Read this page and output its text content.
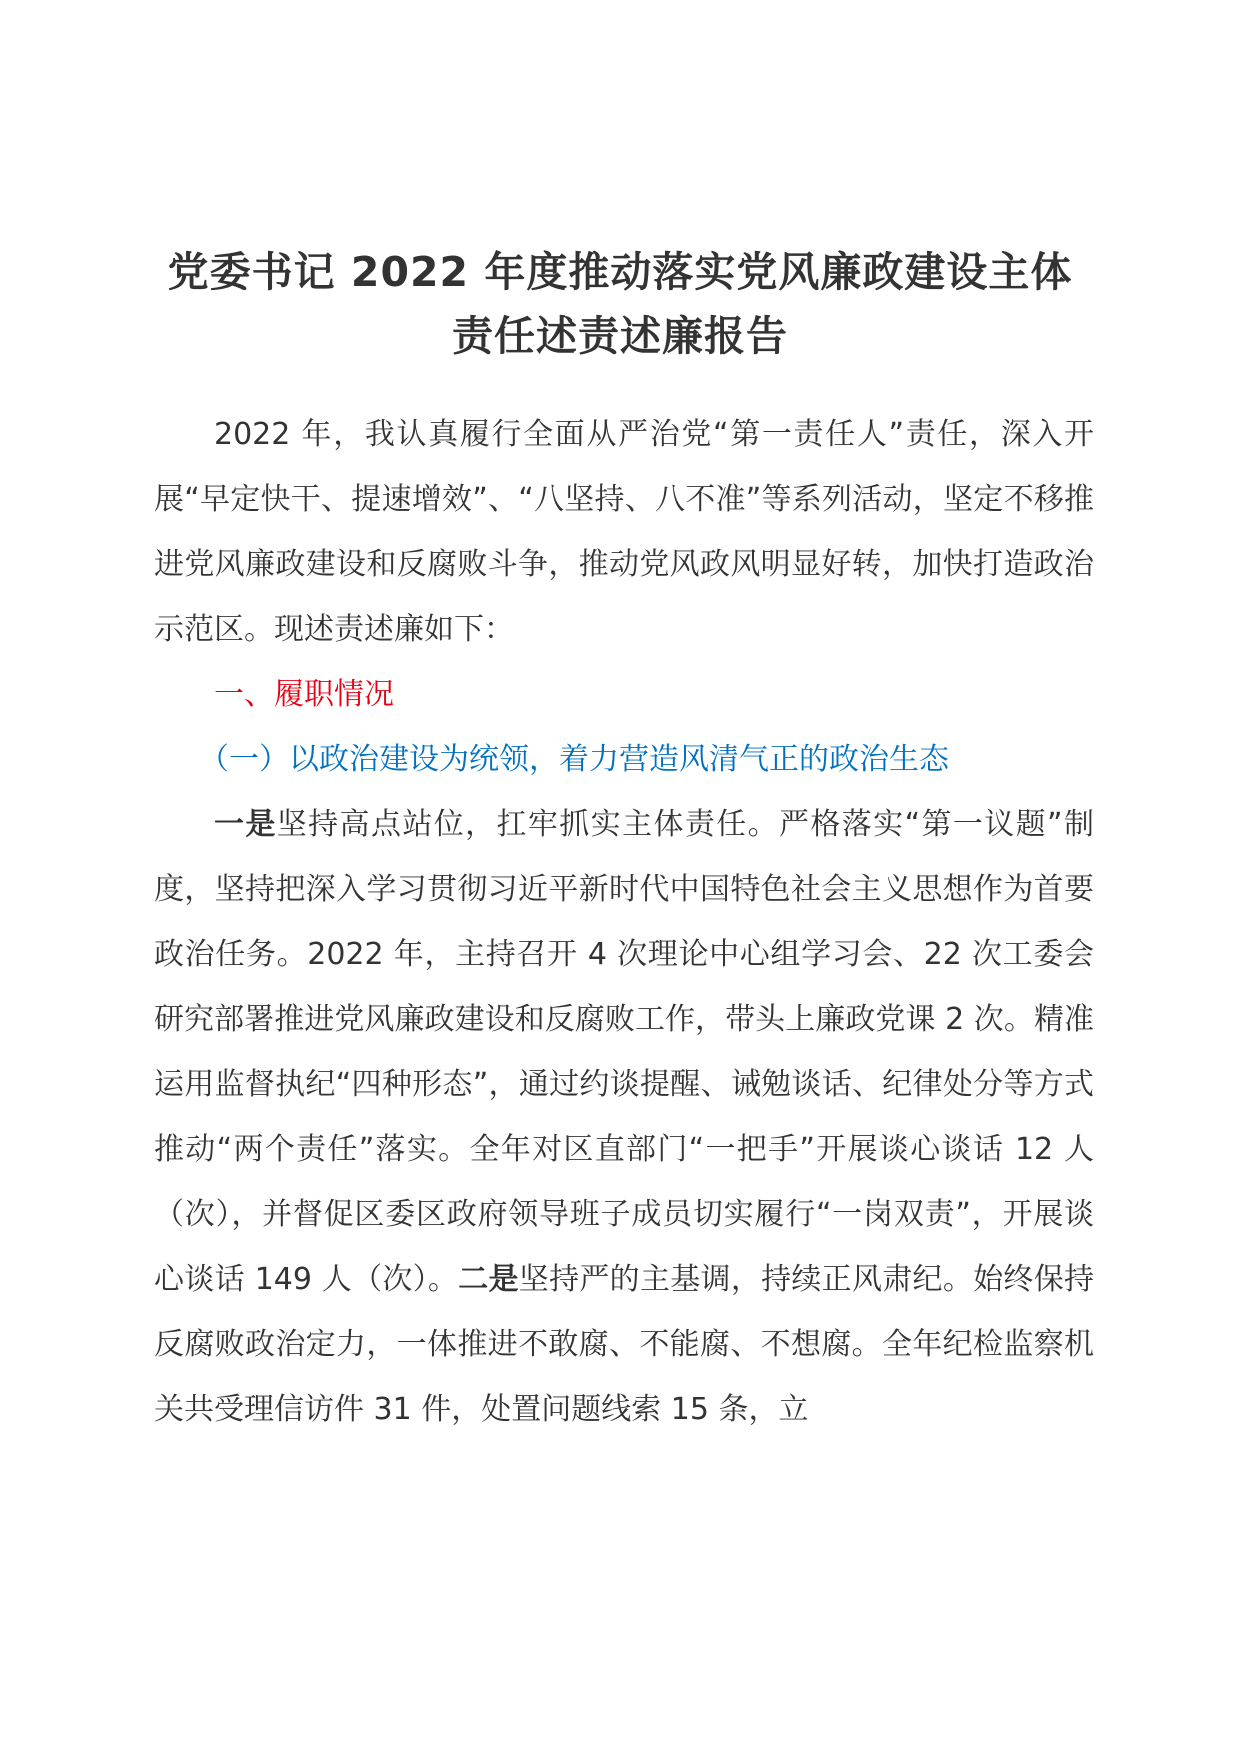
党委书记 2022 年度推动落实党风廉政建设主体责任述责述廉报告

2022 年，我认真履行全面从严治党“第一责任人”责任，深入开展“早定快干、提速增效”、“八坚持、八不准”等系列活动，坚定不移推进党风廉政建设和反腐败斗争，推动党风政风明显好转，加快打造政治示范区。现述责述廉如下：

一、履职情况

（一）以政治建设为统领，着力营造风清气正的政治生态

一是坚持高点站位，扛牢抓实主体责任。严格落实“第一议题”制度，坚持把深入学习贯彻习近平新时代中国特色社会主义思想作为首要政治任务。2022 年，主持召开 4 次理论中心组学习会、22 次工委会研究部署推进党风廉政建设和反腐败工作，带头上廉政党课 2 次。精准运用监督执纪“四种形态”，通过约谈提醒、诫勉谈话、纪律处分等方式推动“两个责任”落实。全年对区直部门“一把手”开展谈心谈话 12 人（次），并督促区委区政府领导班子成员切实履行“一岗双责”，开展谈心谈话 149 人（次）。二是坚持严的主基调，持续正风肃纪。始终保持反腐败政治定力，一体推进不敢腐、不能腐、不想腐。全年纪检监察机关共受理信访件 31 件，处置问题线索 15 条，立
